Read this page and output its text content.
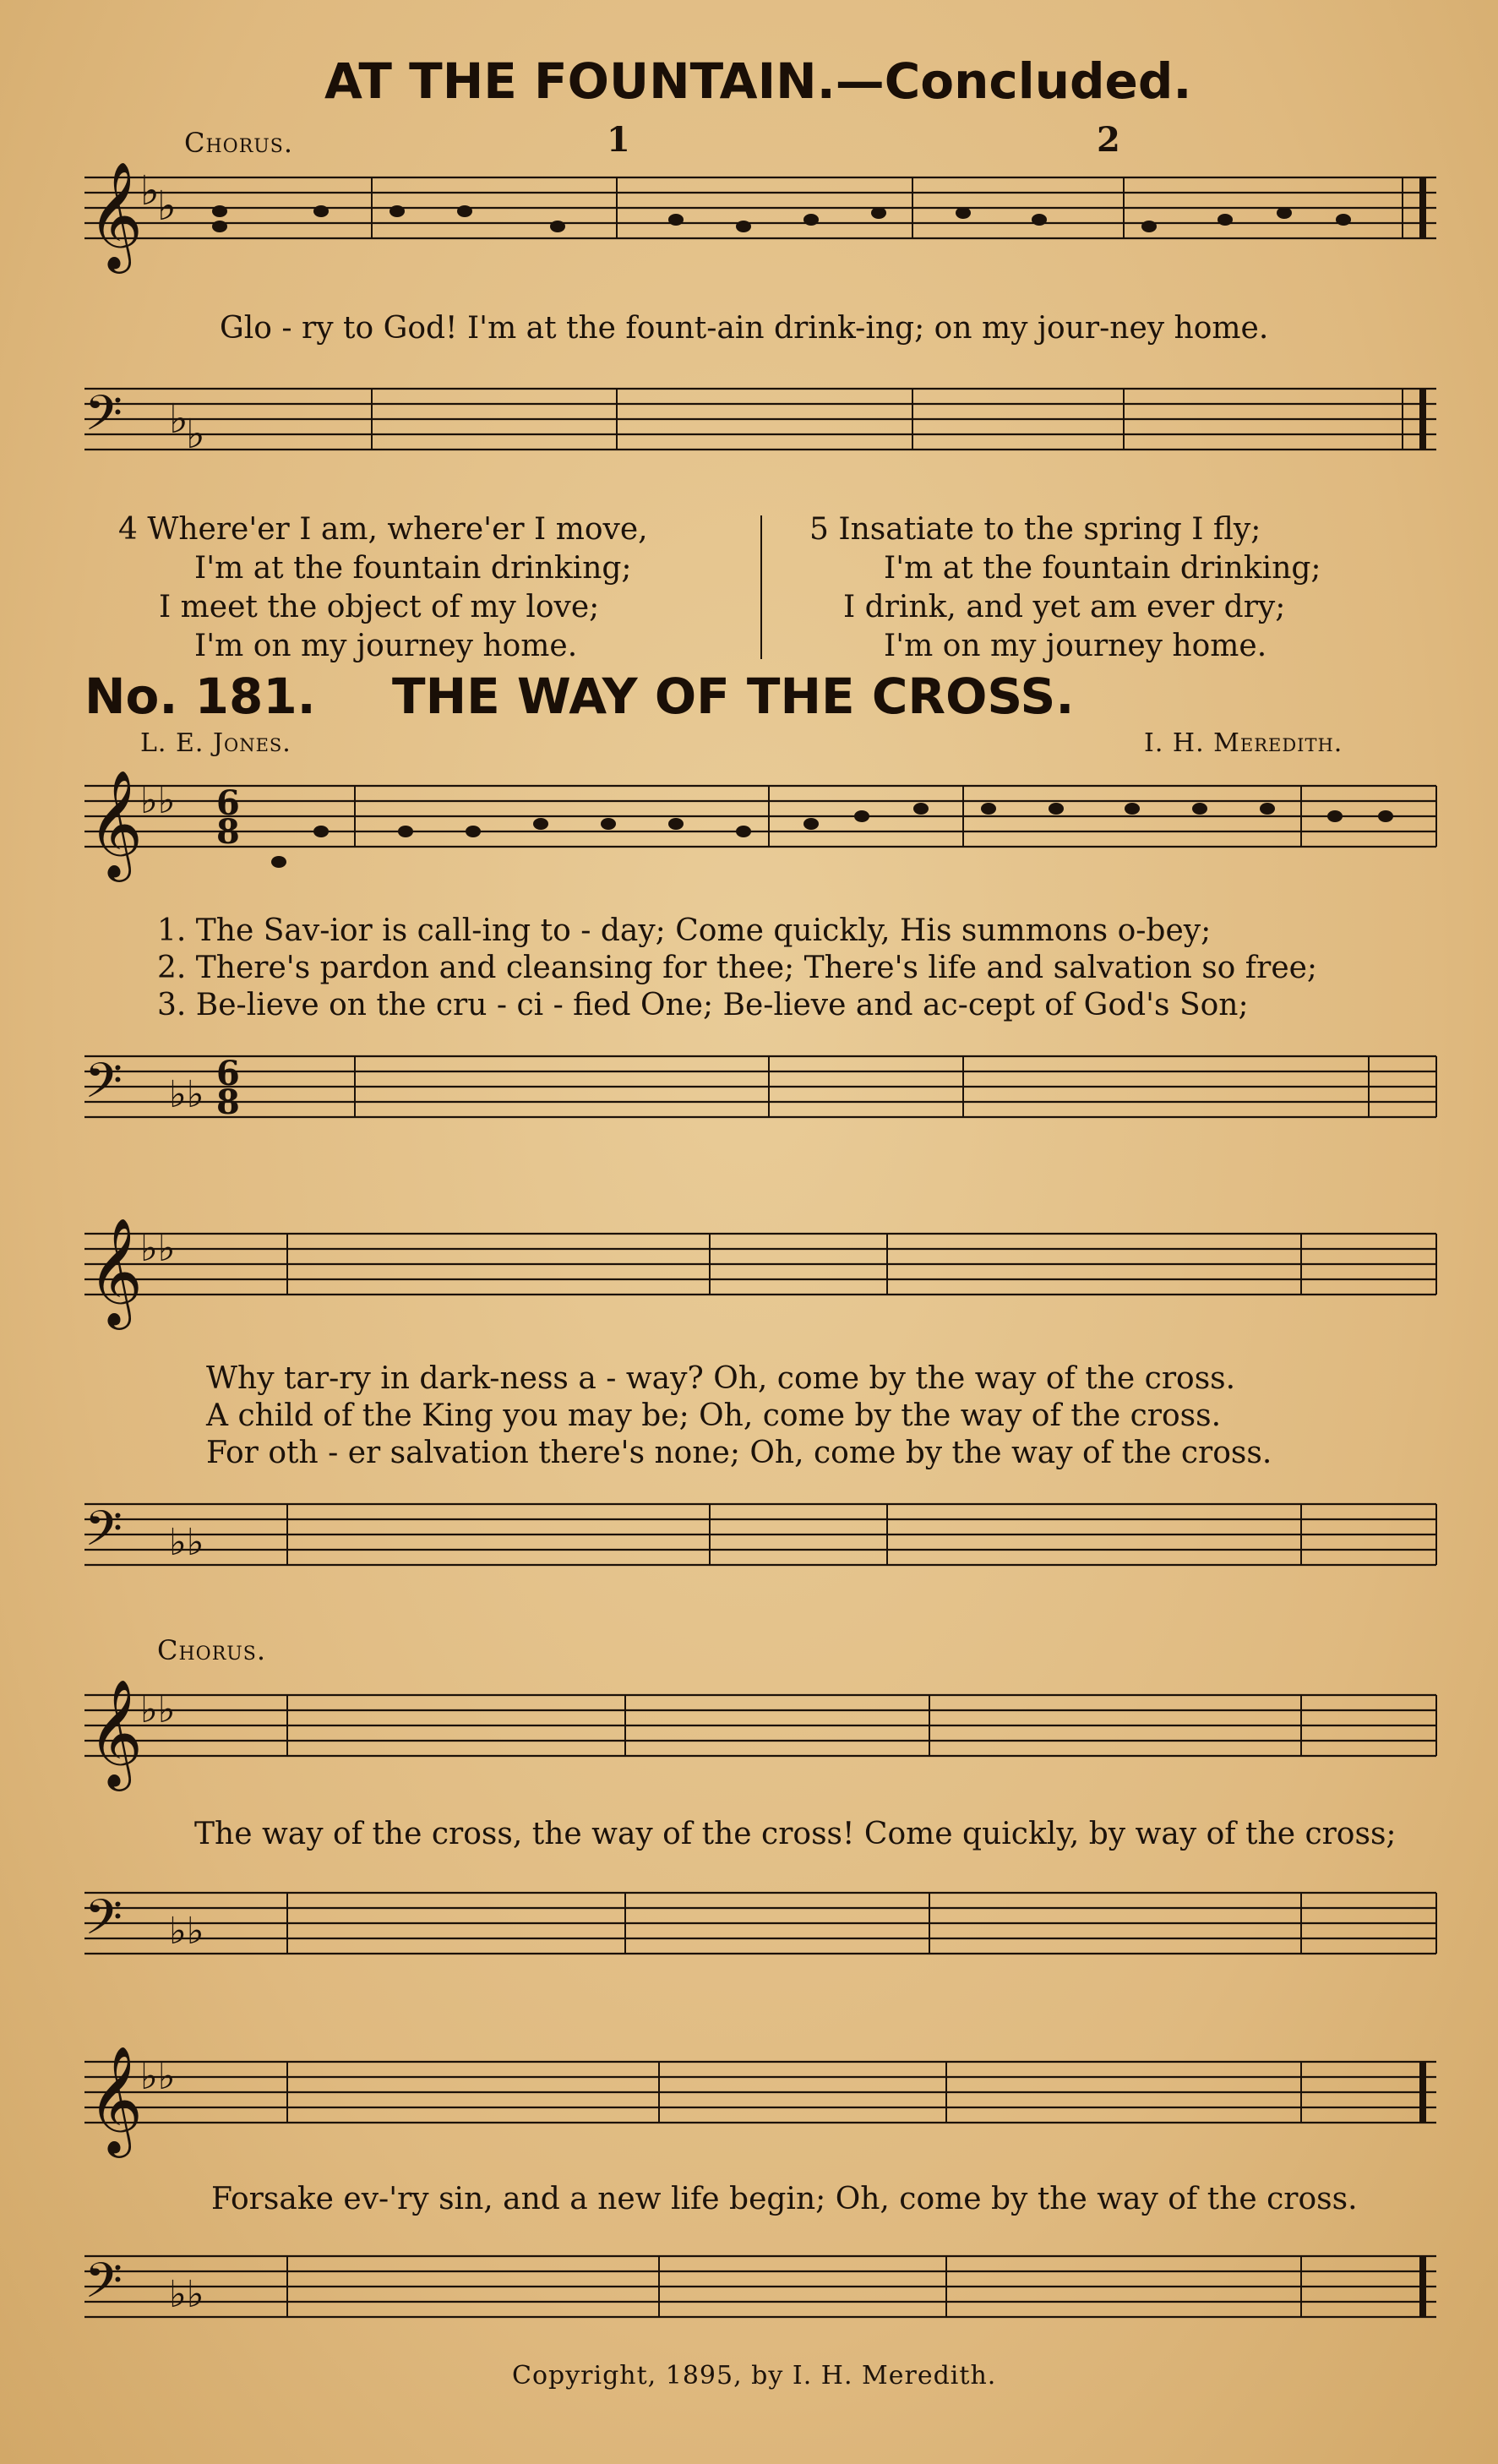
AT THE FOUNTAIN.—Concluded.
Chorus.	1	2
𝄞
♭
♭
Glo - ry to God! I'm at the fount-ain drink-ing; on my jour-ney home.
𝄢 ♭
♭
4 Where'er I am, where'er I move,
I'm at the fountain drinking;
I meet the object of my love;
I'm on my journey home.
5 Insatiate to the spring I fly;
I'm at the fountain drinking;
I drink, and yet am ever dry;
I'm on my journey home.
No. 181. THE WAY OF THE CROSS.
L. E. Jones.	I. H. Meredith.
𝄞
♭♭ 6
8
1. The Sav-ior is call-ing to - day; Come quickly, His summons o-bey;
2. There's pardon and cleansing for thee; There's life and salvation so free;
3. Be-lieve on the cru - ci - fied One; Be-lieve and ac-cept of God's Son;
𝄢 ♭♭ 6
8
𝄞
♭♭
Why tar-ry in dark-ness a - way? Oh, come by the way of the cross.
A child of the King you may be; Oh, come by the way of the cross.
For oth - er salvation there's none; Oh, come by the way of the cross.
𝄢 ♭♭
Chorus.
𝄞
♭♭
The way of the cross, the way of the cross! Come quickly, by way of the cross;
𝄢 ♭♭
𝄞
♭♭
Forsake ev-'ry sin, and a new life begin; Oh, come by the way of the cross.
𝄢 ♭♭
Copyright, 1895, by I. H. Meredith.
